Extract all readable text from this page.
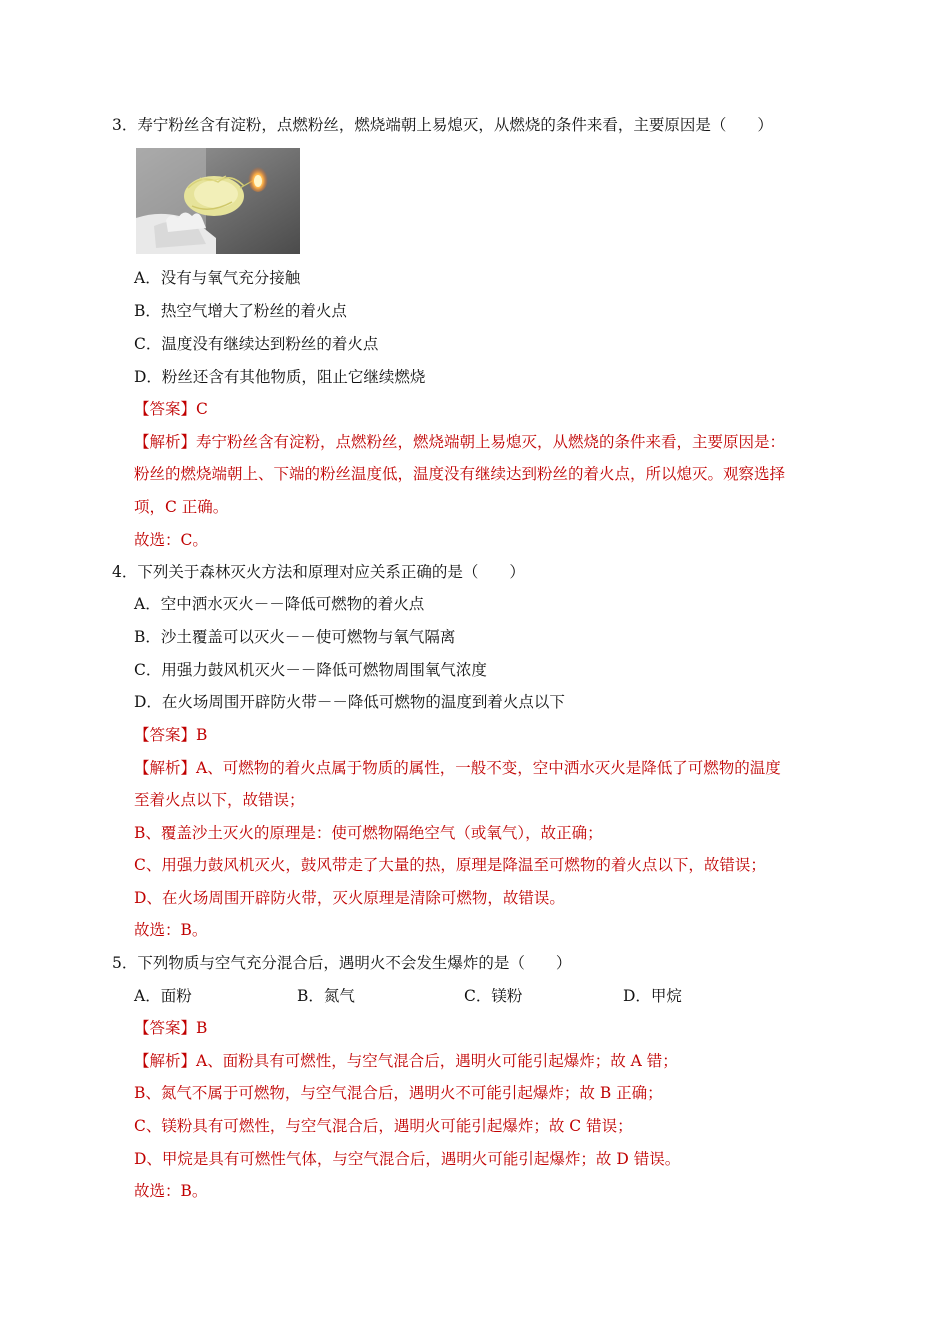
3．寿宁粉丝含有淀粉，点燃粉丝，燃烧端朝上易熄灭，从燃烧的条件来看，主要原因是（　　）
A．没有与氧气充分接触
B．热空气增大了粉丝的着火点
C．温度没有继续达到粉丝的着火点
D．粉丝还含有其他物质，阻止它继续燃烧
【答案】C
【解析】寿宁粉丝含有淀粉，点燃粉丝，燃烧端朝上易熄灭，从燃烧的条件来看，主要原因是：
粉丝的燃烧端朝上、下端的粉丝温度低，温度没有继续达到粉丝的着火点，所以熄灭。观察选择
项，C 正确。
故选：C。
4．下列关于森林灭火方法和原理对应关系正确的是（　　）
A．空中洒水灭火－－降低可燃物的着火点
B．沙土覆盖可以灭火－－使可燃物与氧气隔离
C．用强力鼓风机灭火－－降低可燃物周围氧气浓度
D．在火场周围开辟防火带－－降低可燃物的温度到着火点以下
【答案】B
【解析】A、可燃物的着火点属于物质的属性，一般不变，空中洒水灭火是降低了可燃物的温度
至着火点以下，故错误；
B、覆盖沙土灭火的原理是：使可燃物隔绝空气（或氧气），故正确；
C、用强力鼓风机灭火，鼓风带走了大量的热，原理是降温至可燃物的着火点以下，故错误；
D、在火场周围开辟防火带，灭火原理是清除可燃物，故错误。
故选：B。
5．下列物质与空气充分混合后，遇明火不会发生爆炸的是（　　）
A．面粉	B．氮气	C．镁粉	D．甲烷
【答案】B
【解析】A、面粉具有可燃性，与空气混合后，遇明火可能引起爆炸；故 A 错；
B、氮气不属于可燃物，与空气混合后，遇明火不可能引起爆炸；故 B 正确；
C、镁粉具有可燃性，与空气混合后，遇明火可能引起爆炸；故 C 错误；
D、甲烷是具有可燃性气体，与空气混合后，遇明火可能引起爆炸；故 D 错误。
故选：B。
